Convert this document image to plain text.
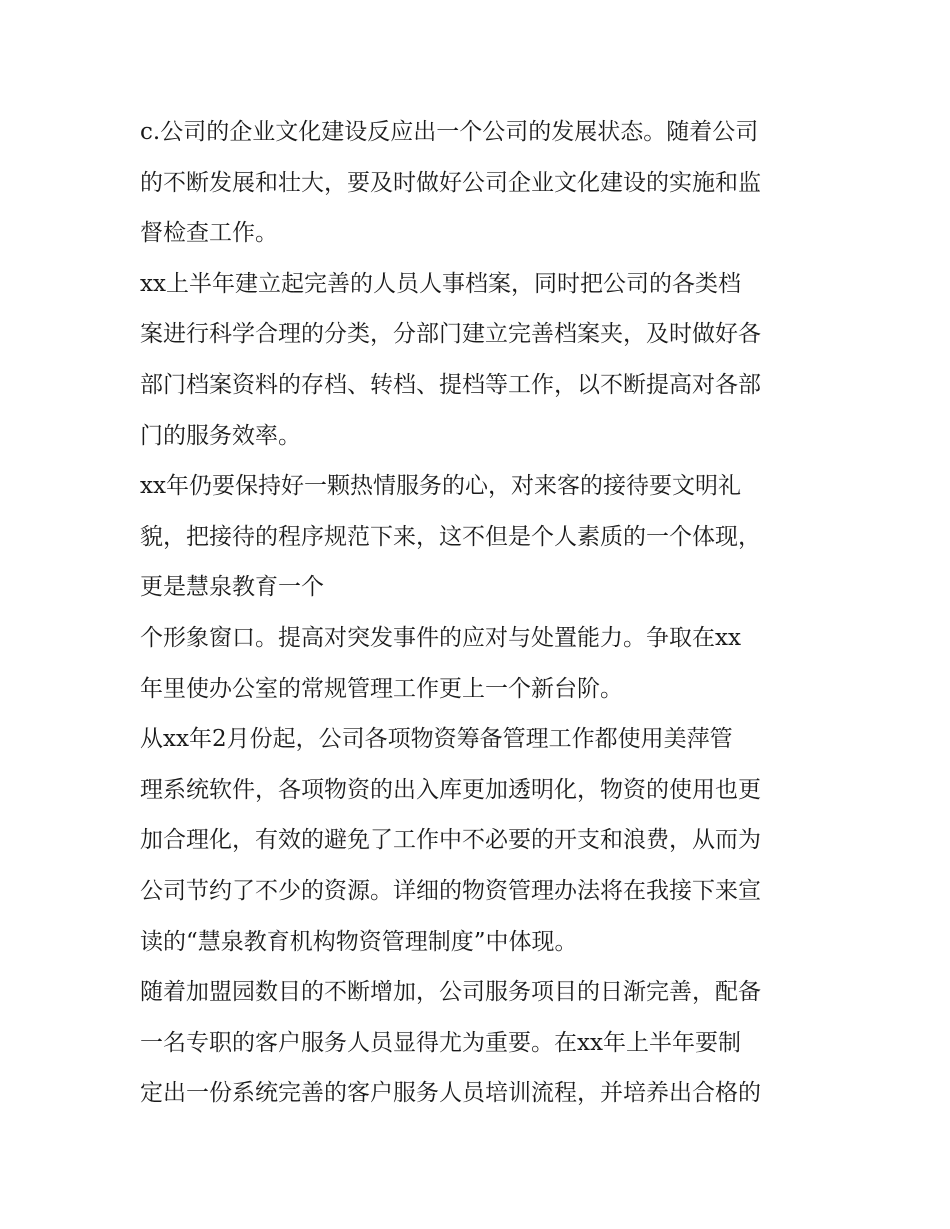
c.公司的企业文化建设反应出一个公司的发展状态。随着公司
的不断发展和壮大，要及时做好公司企业文化建设的实施和监
督检查工作。
xx上半年建立起完善的人员人事档案，同时把公司的各类档
案进行科学合理的分类，分部门建立完善档案夹，及时做好各
部门档案资料的存档、转档、提档等工作，以不断提高对各部
门的服务效率。
xx年仍要保持好一颗热情服务的心，对来客的接待要文明礼
貌，把接待的程序规范下来，这不但是个人素质的一个体现，
更是慧泉教育一个
个形象窗口。提高对突发事件的应对与处置能力。争取在xx
年里使办公室的常规管理工作更上一个新台阶。
从xx年2月份起，公司各项物资筹备管理工作都使用美萍管
理系统软件，各项物资的出入库更加透明化，物资的使用也更
加合理化，有效的避免了工作中不必要的开支和浪费，从而为
公司节约了不少的资源。详细的物资管理办法将在我接下来宣
读的“慧泉教育机构物资管理制度”中体现。
随着加盟园数目的不断增加，公司服务项目的日渐完善，配备
一名专职的客户服务人员显得尤为重要。在xx年上半年要制
定出一份系统完善的客户服务人员培训流程，并培养出合格的
